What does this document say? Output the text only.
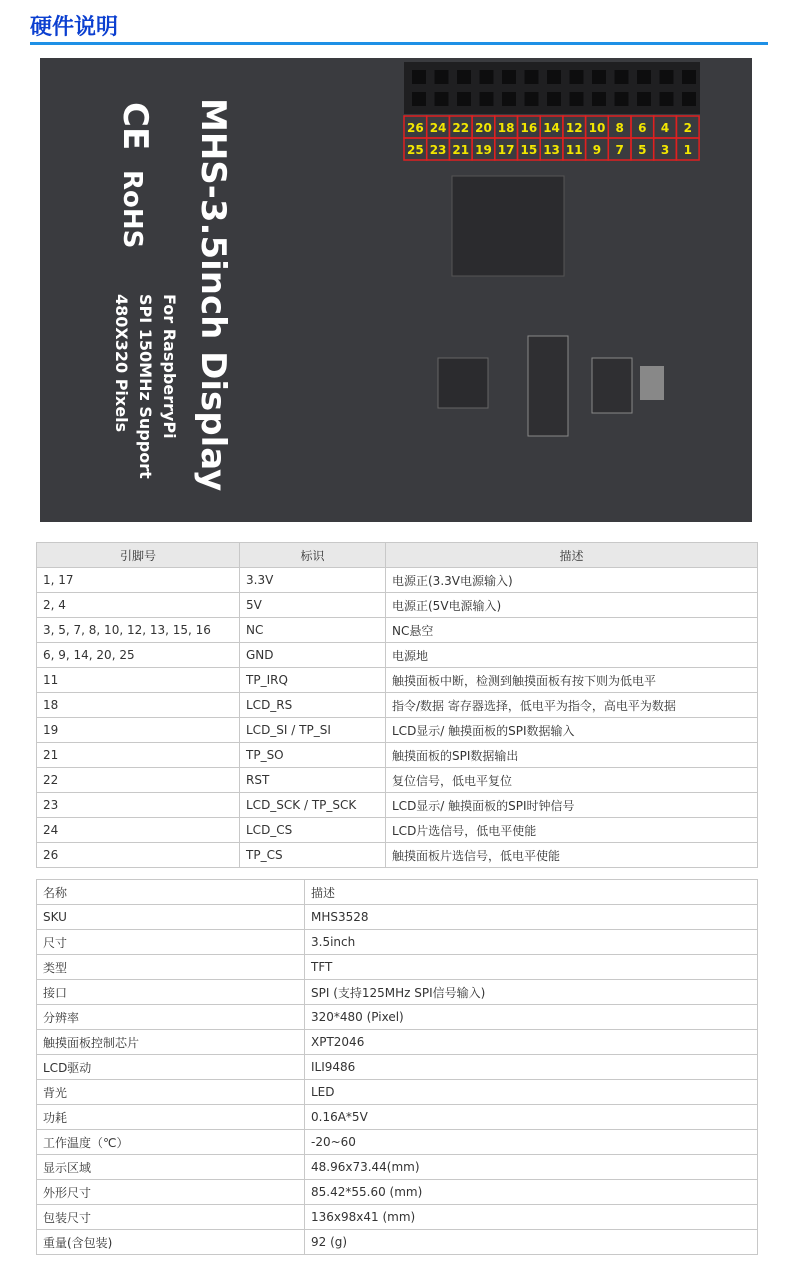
硬件说明
26 24 22 20 18 16 14 12 10 8 6 4 2
25 23 21 19 17 15 13 11 9 7 5 3 1
MHS-3.5inch Display
For RaspberryPi
SPI 150MHz Support
480X320 Pixels
CE
RoHS
引脚号	标识	描述
1, 17	3.3V	电源正(3.3V电源输入)
2, 4	5V	电源正(5V电源输入)
3, 5, 7, 8, 10, 12, 13, 15, 16	NC	NC悬空
6, 9, 14, 20, 25	GND	电源地
11	TP_IRQ	触摸面板中断，检测到触摸面板有按下则为低电平
18	LCD_RS	指令/数据 寄存器选择，低电平为指令，高电平为数据
19	LCD_SI / TP_SI	LCD显示/ 触摸面板的SPI数据输入
21	TP_SO	触摸面板的SPI数据输出
22	RST	复位信号，低电平复位
23	LCD_SCK / TP_SCK	LCD显示/ 触摸面板的SPI时钟信号
24	LCD_CS	LCD片选信号，低电平使能
26	TP_CS	触摸面板片选信号，低电平使能
名称	描述
SKU	MHS3528
尺寸	3.5inch
类型	TFT
接口	SPI (支持125MHz SPI信号输入)
分辨率	320*480 (Pixel)
触摸面板控制芯片	XPT2046
LCD驱动	ILI9486
背光	LED
功耗	0.16A*5V
工作温度（℃）	-20~60
显示区域	48.96x73.44(mm)
外形尺寸	85.42*55.60 (mm)
包装尺寸	136x98x41 (mm)
重量(含包装)	92 (g)
